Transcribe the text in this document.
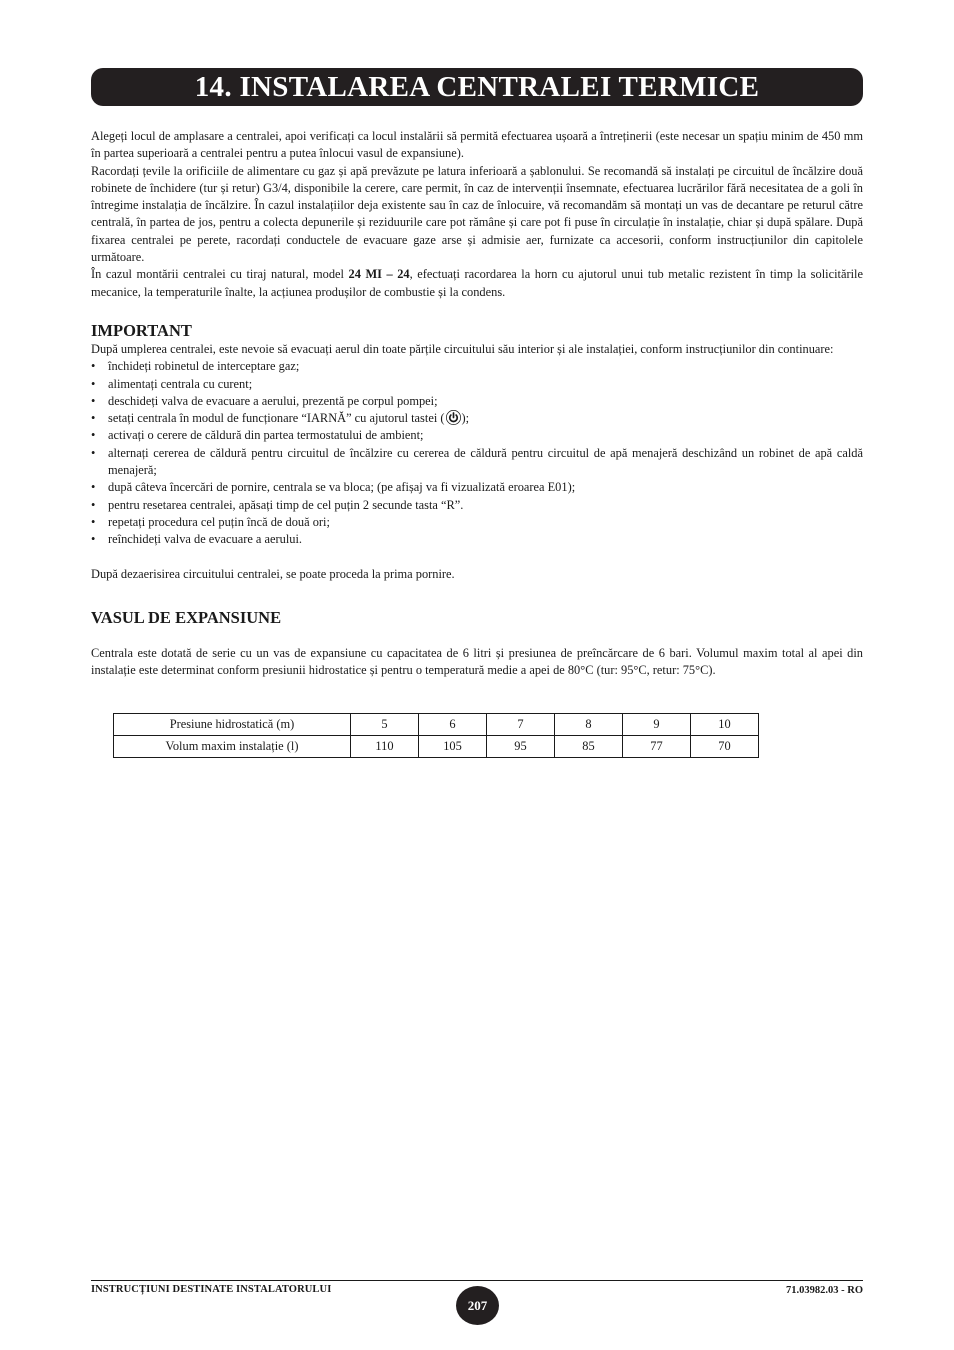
14. INSTALAREA CENTRALEI TERMICE

Alegeți locul de amplasare a centralei, apoi verificați ca locul instalării să permită efectuarea ușoară a întreținerii (este necesar un spațiu minim de 450 mm în partea superioară a centralei pentru a putea înlocui vasul de expansiune).

Racordați țevile la orificiile de alimentare cu gaz și apă prevăzute pe latura inferioară a șablonului. Se recomandă să instalați pe circuitul de încălzire două robinete de închidere (tur și retur) G3/4, disponibile la cerere, care permit, în caz de intervenții însemnate, efectuarea lucrărilor fără necesitatea de a goli în întregime instalația de încălzire. În cazul instalațiilor deja existente sau în caz de înlocuire, vă recomandăm să montați un vas de decantare pe returul către centrală, în partea de jos, pentru a colecta depunerile și reziduurile care pot rămâne și care pot fi puse în circulație în instalație, chiar și după spălare. După fixarea centralei pe perete, racordați conductele de evacuare gaze arse și admisie aer, furnizate ca accesorii, conform instrucțiunilor din capitolele următoare.

În cazul montării centralei cu tiraj natural, model 24 MI – 24, efectuați racordarea la horn cu ajutorul unui tub metalic rezistent în timp la solicitările mecanice, la temperaturile înalte, la acțiunea produșilor de combustie și la condens.

IMPORTANT

După umplerea centralei, este nevoie să evacuați aerul din toate părțile circuitului său interior și ale instalației, conform instrucțiunilor din continuare:

• închideți robinetul de interceptare gaz;
• alimentați centrala cu curent;
• deschideți valva de evacuare a aerului, prezentă pe corpul pompei;
• setați centrala în modul de funcționare “IARNĂ” cu ajutorul tastei ( );
• activați o cerere de căldură din partea termostatului de ambient;
• alternați cererea de căldură pentru circuitul de încălzire cu cererea de căldură pentru circuitul de apă menajeră deschizând un robinet de apă caldă menajeră;
• după câteva încercări de pornire, centrala se va bloca; (pe afișaj va fi vizualizată eroarea E01);
• pentru resetarea centralei, apăsați timp de cel puțin 2 secunde tasta “R”.
• repetați procedura cel puțin încă de două ori;
• reînchideți valva de evacuare a aerului.

După dezaerisirea circuitului centralei, se poate proceda la prima pornire.

VASUL DE EXPANSIUNE

Centrala este dotată de serie cu un vas de expansiune cu capacitatea de 6 litri și presiunea de preîncărcare de 6 bari. Volumul maxim total al apei din instalație este determinat conform presiunii hidrostatice și pentru o temperatură medie a apei de 80°C (tur: 95°C, retur: 75°C).

Presiune hidrostatică (m)	5	6	7	8	9	10
Volum maxim instalație (l)	110	105	95	85	77	70
INSTRUCȚIUNI DESTINATE INSTALATORULUI
207
71.03982.03 - RO
